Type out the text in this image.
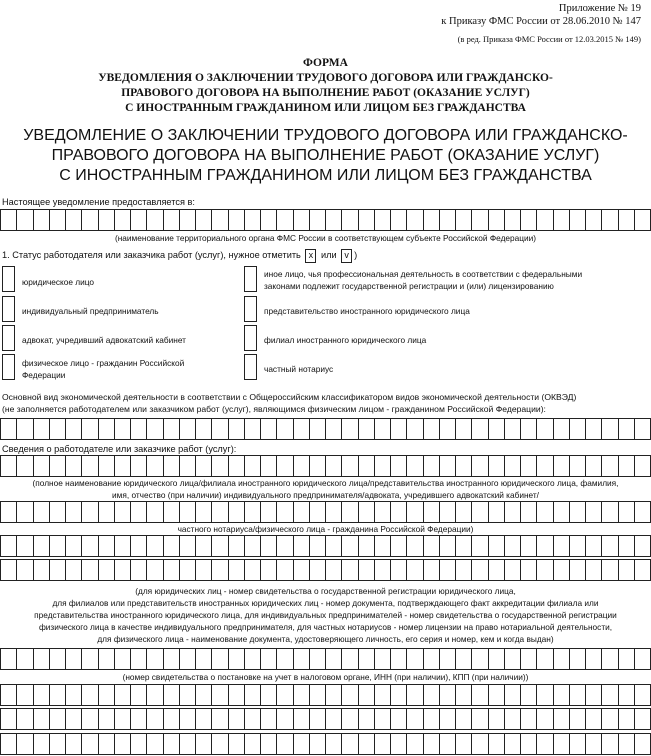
Приложение № 19
к Приказу ФМС России от 28.06.2010 № 147
(в ред. Приказа ФМС России от 12.03.2015 № 149)
ФОРМА
УВЕДОМЛЕНИЯ О ЗАКЛЮЧЕНИИ ТРУДОВОГО ДОГОВОРА ИЛИ ГРАЖДАНСКО-
ПРАВОВОГО ДОГОВОРА НА ВЫПОЛНЕНИЕ РАБОТ (ОКАЗАНИЕ УСЛУГ)
С ИНОСТРАННЫМ ГРАЖДАНИНОМ ИЛИ ЛИЦОМ БЕЗ ГРАЖДАНСТВА
УВЕДОМЛЕНИЕ О ЗАКЛЮЧЕНИИ ТРУДОВОГО ДОГОВОРА ИЛИ ГРАЖДАНСКО-
ПРАВОВОГО ДОГОВОРА НА ВЫПОЛНЕНИЕ РАБОТ (ОКАЗАНИЕ УСЛУГ)
С ИНОСТРАННЫМ ГРАЖДАНИНОМ ИЛИ ЛИЦОМ БЕЗ ГРАЖДАНСТВА
Настоящее уведомление предоставляется в:
(наименование территориального органа ФМС России в соответствующем субъекте Российской Федерации)
1. Статус работодателя или заказчика работ (услуг), нужное отметить x или v )
юридическое лицо
индивидуальный предприниматель
адвокат, учредивший адвокатский кабинет
физическое лицо - гражданин Российской Федерации
иное лицо, чья профессиональная деятельность в соответствии с федеральными законами подлежит государственной регистрации и (или) лицензированию
представительство иностранного юридического лица
филиал иностранного юридического лица
частный нотариус
Основной вид экономической деятельности в соответствии с Общероссийским классификатором видов экономической деятельности (ОКВЭД)
(не заполняется работодателем или заказчиком работ (услуг), являющимся физическим лицом - гражданином Российской Федерации):
Сведения о работодателе или заказчике работ (услуг):
(полное наименование юридического лица/филиала иностранного юридического лица/представительства иностранного юридического лица, фамилия,
имя, отчество (при наличии) индивидуального предпринимателя/адвоката, учредившего адвокатский кабинет/
частного нотариуса/физического лица - гражданина Российской Федерации)
(для юридических лиц - номер свидетельства о государственной регистрации юридического лица,
для филиалов или представительств иностранных юридических лиц - номер документа, подтверждающего факт аккредитации филиала или
представительства иностранного юридического лица, для индивидуальных предпринимателей - номер свидетельства о государственной регистрации
физического лица в качестве индивидуального предпринимателя, для частных нотариусов - номер лицензии на право нотариальной деятельности,
для физического лица - наименование документа, удостоверяющего личность, его серия и номер, кем и когда выдан)
(номер свидетельства о постановке на учет в налоговом органе, ИНН (при наличии), КПП (при наличии))
